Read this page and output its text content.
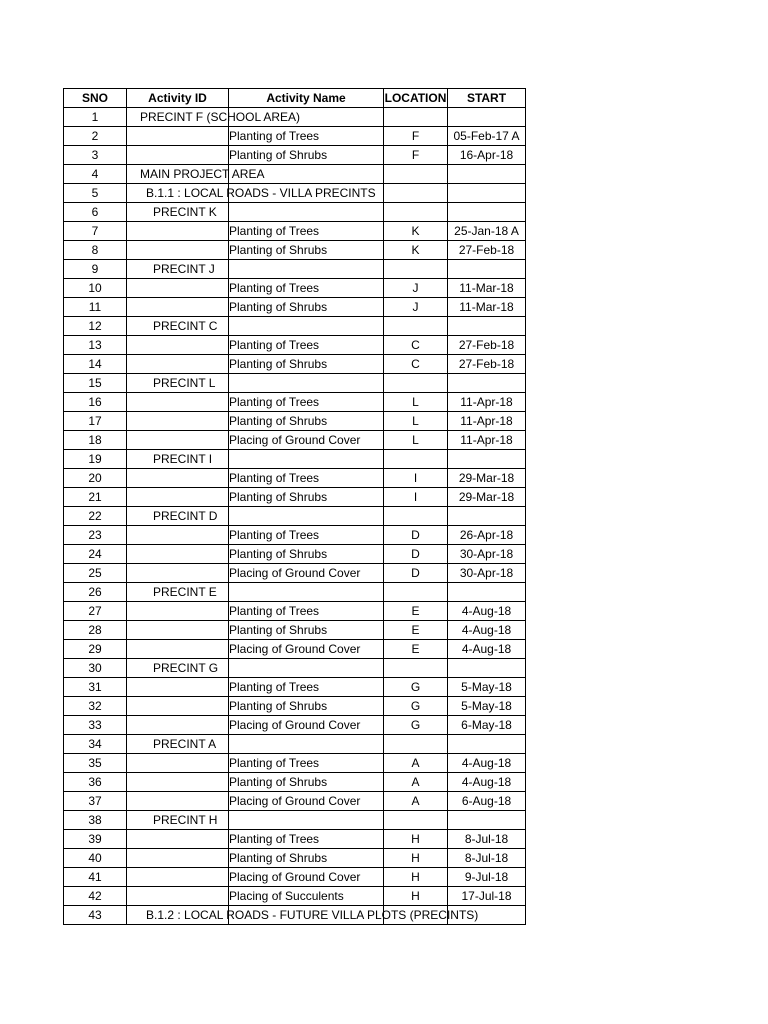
SNO	Activity ID	Activity Name	LOCATION	START
1	PRECINT F (SCHOOL AREA)			

2		Planting of Trees	F	05-Feb-17 A
3		Planting of Shrubs	F	16-Apr-18
4	MAIN PROJECT AREA			

5	B.1.1 : LOCAL ROADS - VILLA PRECINTS			

6	PRECINT K			

7		Planting of Trees	K	25-Jan-18 A
8		Planting of Shrubs	K	27-Feb-18
9	PRECINT J			

10		Planting of Trees	J	11-Mar-18
11		Planting of Shrubs	J	11-Mar-18
12	PRECINT C			

13		Planting of Trees	C	27-Feb-18
14		Planting of Shrubs	C	27-Feb-18
15	PRECINT L			

16		Planting of Trees	L	11-Apr-18
17		Planting of Shrubs	L	11-Apr-18
18		Placing of Ground Cover	L	11-Apr-18
19	PRECINT I			

20		Planting of Trees	I	29-Mar-18
21		Planting of Shrubs	I	29-Mar-18
22	PRECINT D			

23		Planting of Trees	D	26-Apr-18
24		Planting of Shrubs	D	30-Apr-18
25		Placing of Ground Cover	D	30-Apr-18
26	PRECINT E			

27		Planting of Trees	E	4-Aug-18
28		Planting of Shrubs	E	4-Aug-18
29		Placing of Ground Cover	E	4-Aug-18
30	PRECINT G			

31		Planting of Trees	G	5-May-18
32		Planting of Shrubs	G	5-May-18
33		Placing of Ground Cover	G	6-May-18
34	PRECINT A			

35		Planting of Trees	A	4-Aug-18
36		Planting of Shrubs	A	4-Aug-18
37		Placing of Ground Cover	A	6-Aug-18
38	PRECINT H			

39		Planting of Trees	H	8-Jul-18
40		Planting of Shrubs	H	8-Jul-18
41		Placing of Ground Cover	H	9-Jul-18
42		Placing of Succulents	H	17-Jul-18
43	B.1.2 : LOCAL ROADS - FUTURE VILLA PLOTS (PRECINTS)			
